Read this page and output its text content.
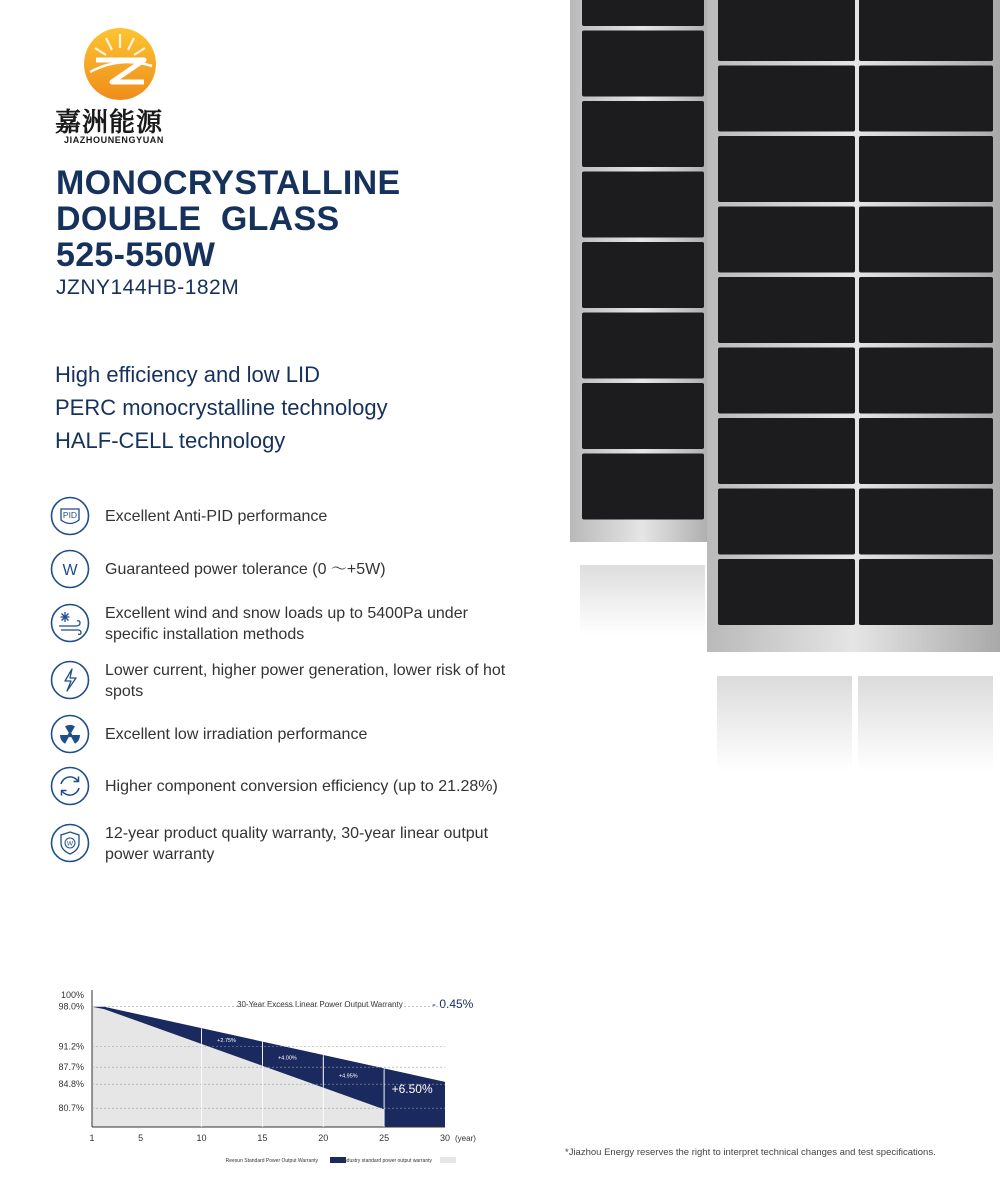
嘉洲能源
JIAZHOUNENGYUAN
MONOCRYSTALLINE
DOUBLE  GLASS
525-550W
JZNY144HB-182M
High efficiency and low LID
PERC monocrystalline technology
HALF-CELL technology
PID Excellent Anti-PID performance
W Guaranteed power tolerance (0 ～+5W)
Excellent wind and snow loads up to 5400Pa under specific installation methods
Lower current, higher power generation, lower risk of hot spots
Excellent low irradiation performance
Higher component conversion efficiency (up to 21.28%)
W
12-year product quality warranty, 30-year linear output power warranty
30-Year Excess Linear Power Output Warranty - 0.45%
100%
98.0%
91.2%
87.7%
84.8%
80.7%
1	5	10	15	20	25	30 (year)
+2.75%
+4.00%
+4.95%
+6.50%
Reesun Standard Power Output Warranty	Industry standard power output warranty
*Jiazhou Energy reserves the right to interpret technical changes and test specifications.
